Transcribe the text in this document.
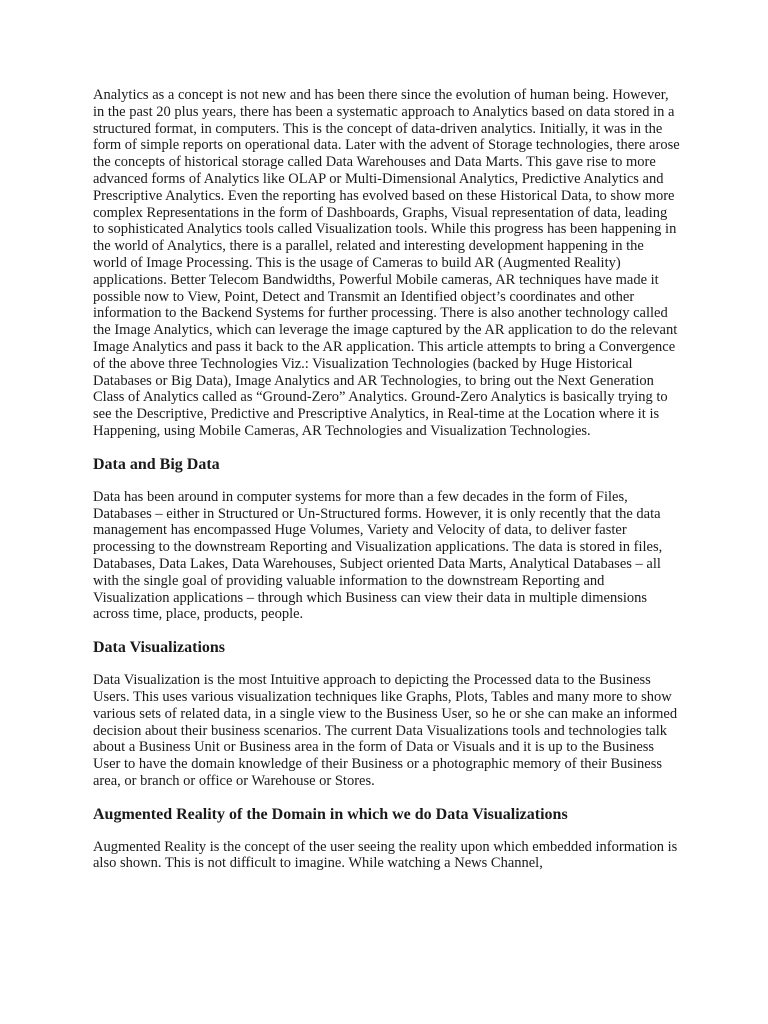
Analytics as a concept is not new and has been there since the evolution of human being. However, in the past 20 plus years, there has been a systematic approach to Analytics based on data stored in a structured format, in computers. This is the concept of data-driven analytics. Initially, it was in the form of simple reports on operational data. Later with the advent of Storage technologies, there arose the concepts of historical storage called Data Warehouses and Data Marts. This gave rise to more advanced forms of Analytics like OLAP or Multi-Dimensional Analytics, Predictive Analytics and Prescriptive Analytics. Even the reporting has evolved based on these Historical Data, to show more complex Representations in the form of Dashboards, Graphs, Visual representation of data, leading to sophisticated Analytics tools called Visualization tools. While this progress has been happening in the world of Analytics, there is a parallel, related and interesting development happening in the world of Image Processing. This is the usage of Cameras to build AR (Augmented Reality) applications. Better Telecom Bandwidths, Powerful Mobile cameras, AR techniques have made it possible now to View, Point, Detect and Transmit an Identified object’s coordinates and other information to the Backend Systems for further processing. There is also another technology called the Image Analytics, which can leverage the image captured by the AR application to do the relevant Image Analytics and pass it back to the AR application. This article attempts to bring a Convergence of the above three Technologies Viz.: Visualization Technologies (backed by Huge Historical Databases or Big Data), Image Analytics and AR Technologies, to bring out the Next Generation Class of Analytics called as “Ground-Zero” Analytics. Ground-Zero Analytics is basically trying to see the Descriptive, Predictive and Prescriptive Analytics, in Real-time at the Location where it is Happening, using Mobile Cameras, AR Technologies and Visualization Technologies.

Data and Big Data

Data has been around in computer systems for more than a few decades in the form of Files, Databases – either in Structured or Un-Structured forms. However, it is only recently that the data management has encompassed Huge Volumes, Variety and Velocity of data, to deliver faster processing to the downstream Reporting and Visualization applications. The data is stored in files, Databases, Data Lakes, Data Warehouses, Subject oriented Data Marts, Analytical Databases – all with the single goal of providing valuable information to the downstream Reporting and Visualization applications – through which Business can view their data in multiple dimensions across time, place, products, people.

Data Visualizations

Data Visualization is the most Intuitive approach to depicting the Processed data to the Business Users. This uses various visualization techniques like Graphs, Plots, Tables and many more to show various sets of related data, in a single view to the Business User, so he or she can make an informed decision about their business scenarios. The current Data Visualizations tools and technologies talk about a Business Unit or Business area in the form of Data or Visuals and it is up to the Business User to have the domain knowledge of their Business or a photographic memory of their Business area, or branch or office or Warehouse or Stores.

Augmented Reality of the Domain in which we do Data Visualizations

Augmented Reality is the concept of the user seeing the reality upon which embedded information is also shown. This is not difficult to imagine. While watching a News Channel,
